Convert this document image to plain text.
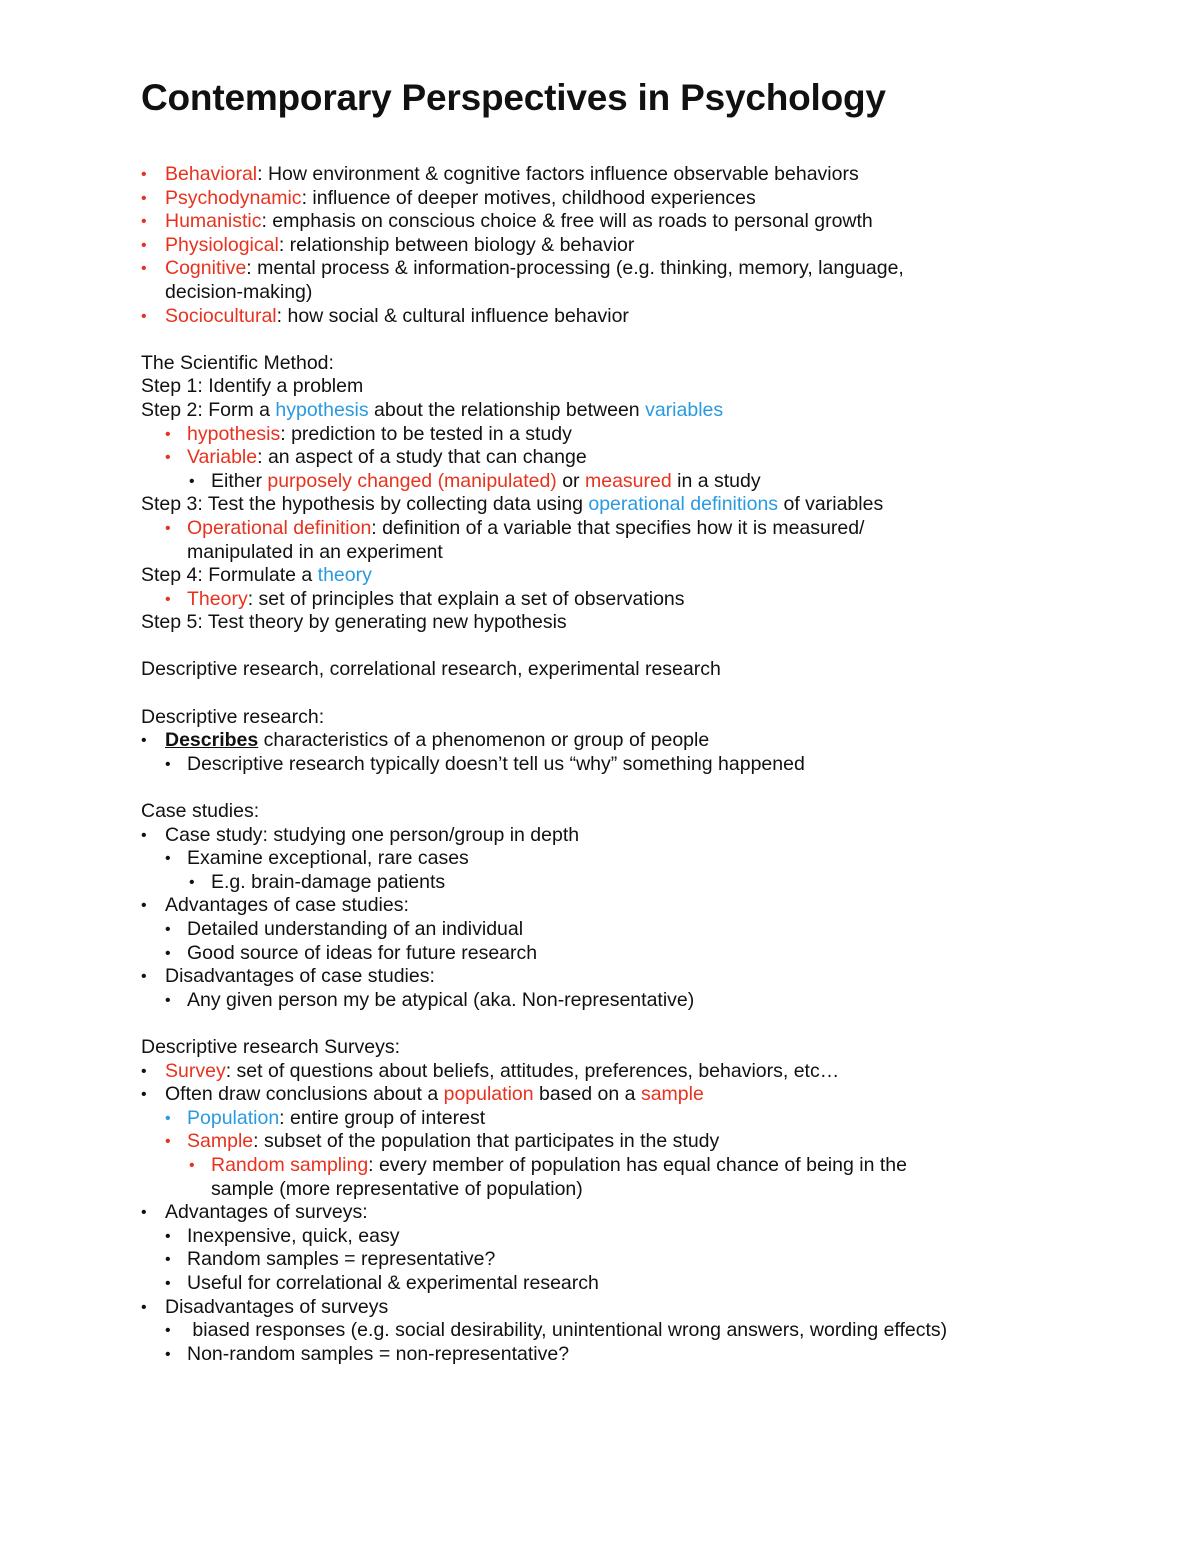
Contemporary Perspectives in Psychology
• Behavioral: How environment & cognitive factors influence observable behaviors
• Psychodynamic: influence of deeper motives, childhood experiences
• Humanistic: emphasis on conscious choice & free will as roads to personal growth
• Physiological: relationship between biology & behavior
• Cognitive: mental process & information-processing (e.g. thinking, memory, language,
decision-making)
• Sociocultural: how social & cultural influence behavior
The Scientific Method:
Step 1: Identify a problem
Step 2: Form a hypothesis about the relationship between variables
• hypothesis: prediction to be tested in a study
• Variable: an aspect of a study that can change
• Either purposely changed (manipulated) or measured in a study
Step 3: Test the hypothesis by collecting data using operational definitions of variables
• Operational definition: definition of a variable that specifies how it is measured/
manipulated in an experiment
Step 4: Formulate a theory
• Theory: set of principles that explain a set of observations
Step 5: Test theory by generating new hypothesis
Descriptive research, correlational research, experimental research
Descriptive research:
• Describes characteristics of a phenomenon or group of people
• Descriptive research typically doesn’t tell us “why” something happened
Case studies:
• Case study: studying one person/group in depth
• Examine exceptional, rare cases
• E.g. brain-damage patients
• Advantages of case studies:
• Detailed understanding of an individual
• Good source of ideas for future research
• Disadvantages of case studies:
• Any given person my be atypical (aka. Non-representative)
Descriptive research Surveys:
• Survey: set of questions about beliefs, attitudes, preferences, behaviors, etc…
• Often draw conclusions about a population based on a sample
• Population: entire group of interest
• Sample: subset of the population that participates in the study
• Random sampling: every member of population has equal chance of being in the
sample (more representative of population)
• Advantages of surveys:
• Inexpensive, quick, easy
• Random samples = representative?
• Useful for correlational & experimental research
• Disadvantages of surveys
• biased responses (e.g. social desirability, unintentional wrong answers, wording effects)
• Non-random samples = non-representative?
